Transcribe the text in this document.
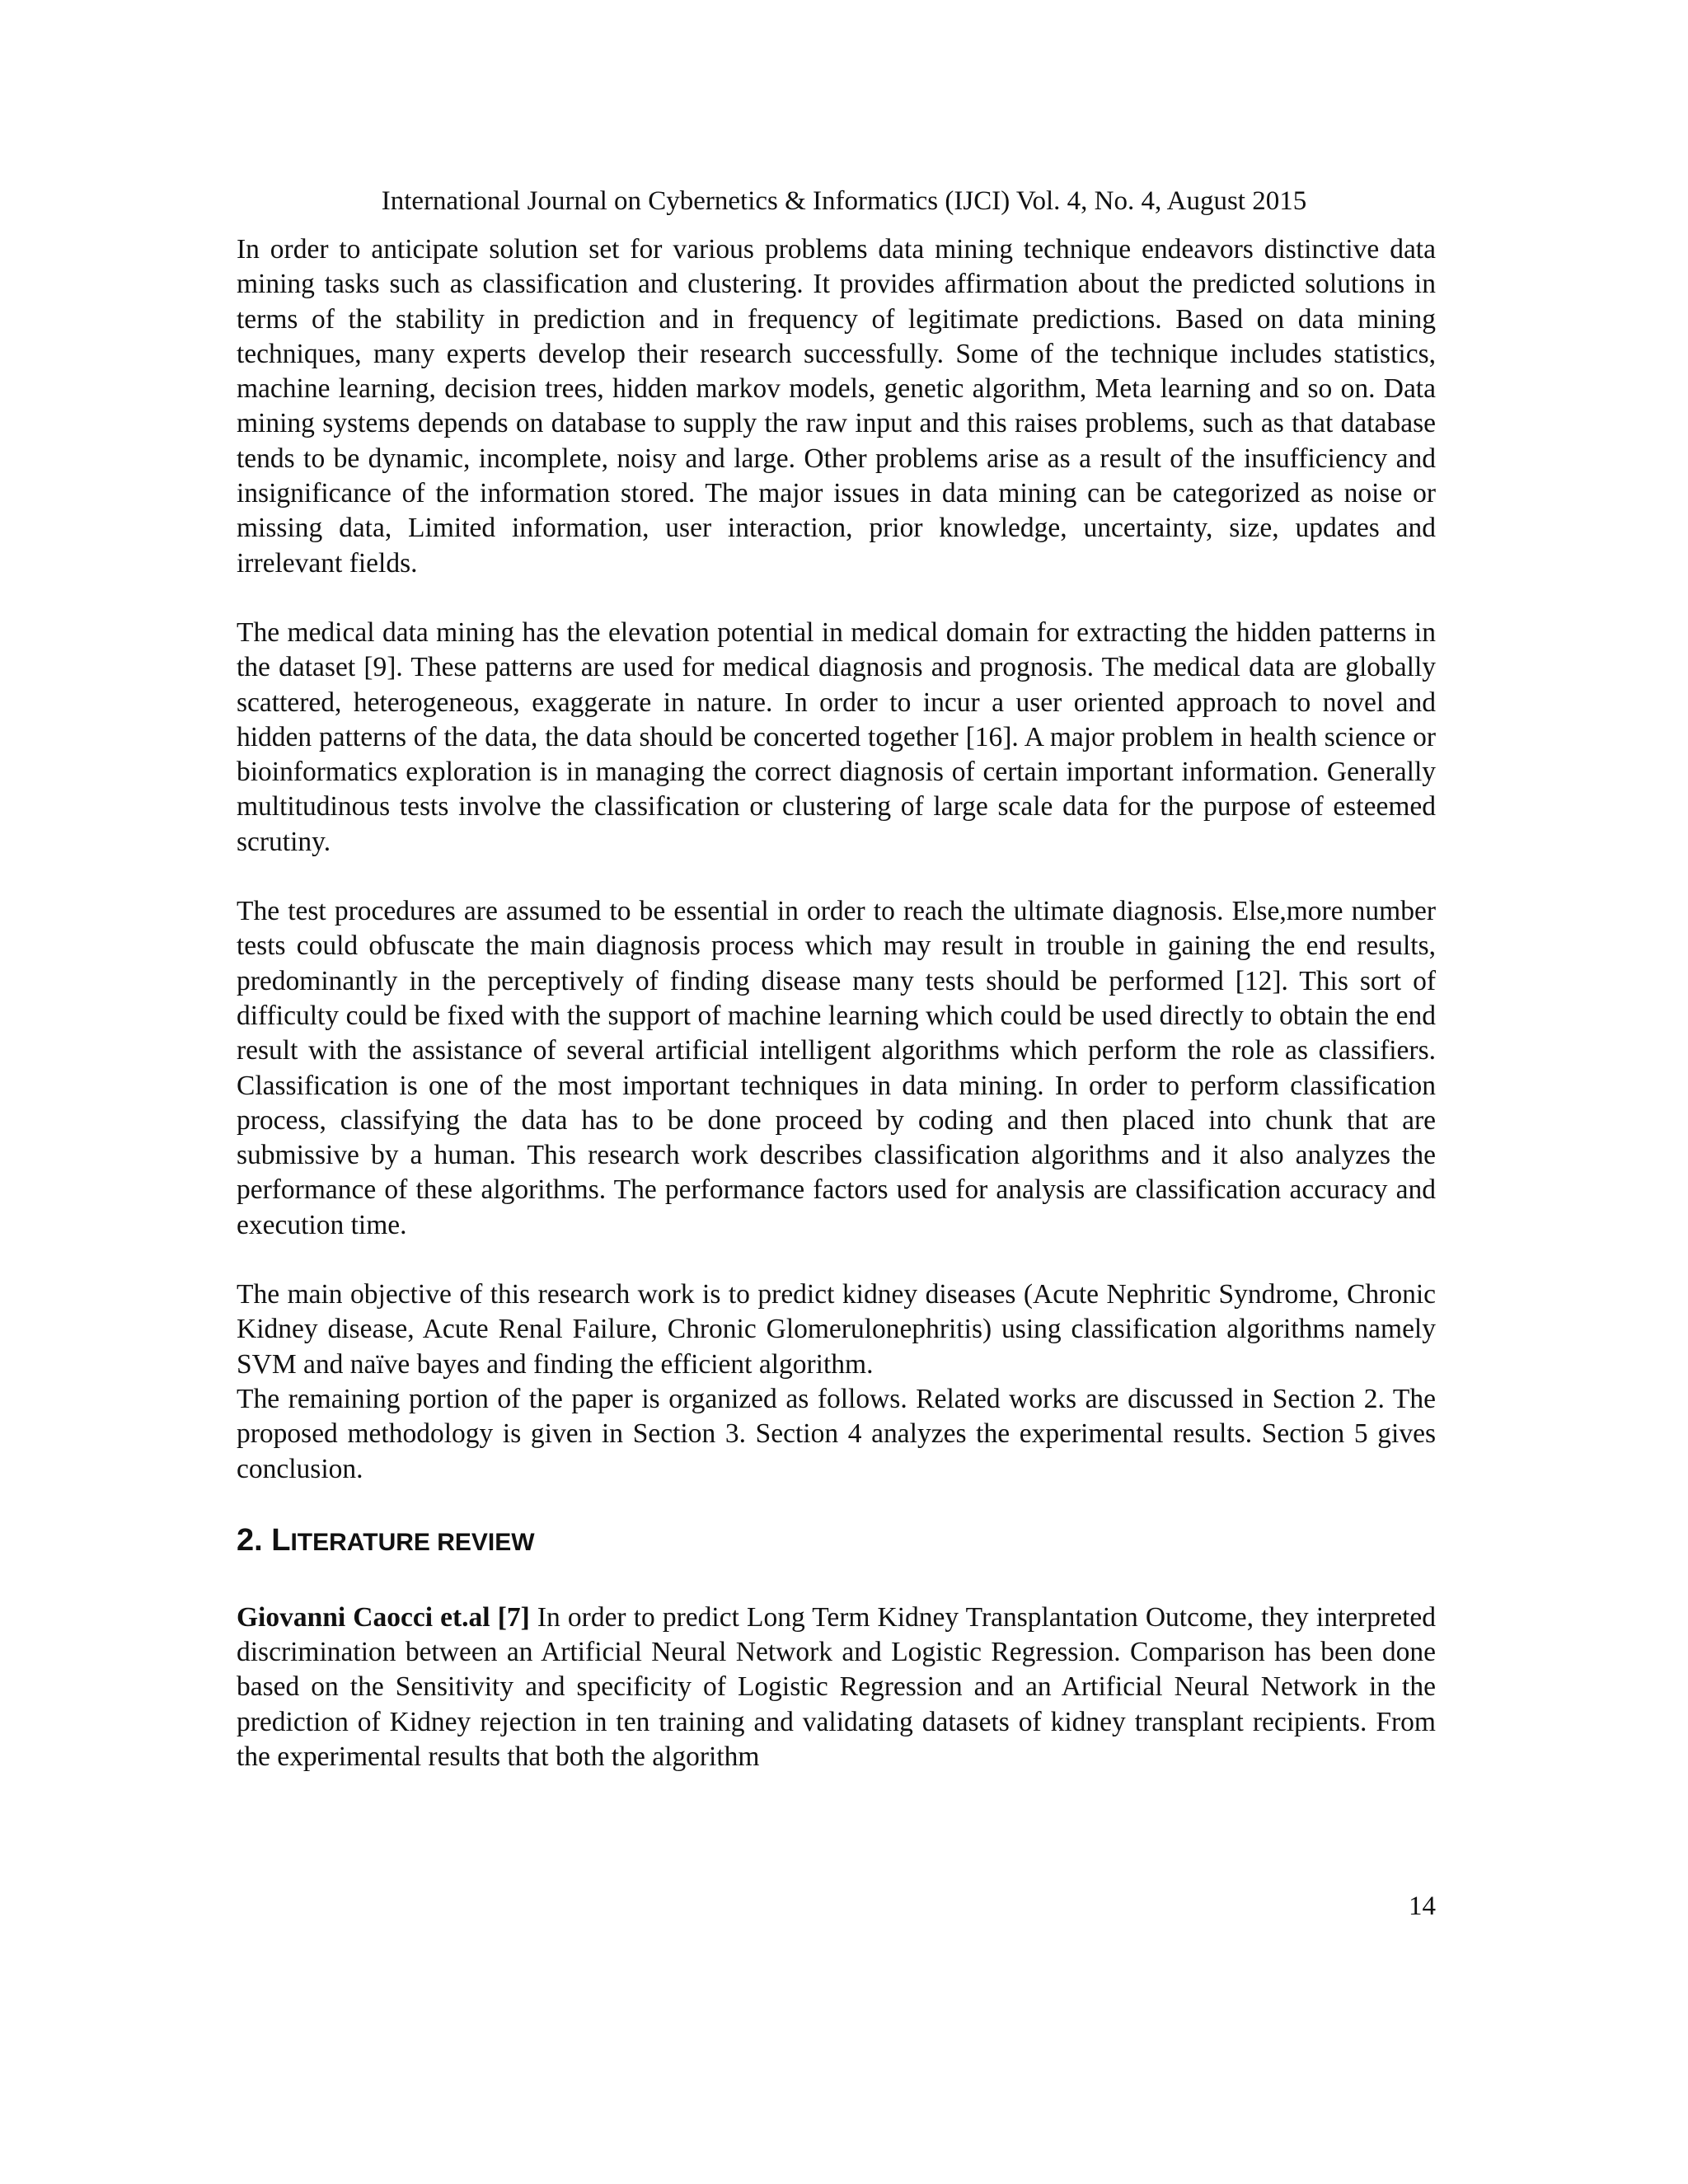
International Journal on Cybernetics & Informatics (IJCI) Vol. 4, No. 4, August 2015

In order to anticipate solution set for various problems data mining technique endeavors distinctive data mining tasks such as classification and clustering. It provides affirmation about the predicted solutions in terms of the stability in prediction and in frequency of legitimate predictions. Based on data mining techniques, many experts develop their research successfully. Some of the technique includes statistics, machine learning, decision trees, hidden markov models, genetic algorithm, Meta learning and so on. Data mining systems depends on database to supply the raw input and this raises problems, such as that database tends to be dynamic, incomplete, noisy and large. Other problems arise as a result of the insufficiency and insignificance of the information stored. The major issues in data mining can be categorized as noise or missing data, Limited information, user interaction, prior knowledge, uncertainty, size, updates and irrelevant fields.

The medical data mining has the elevation potential in medical domain for extracting the hidden patterns in the dataset [9]. These patterns are used for medical diagnosis and prognosis. The medical data are globally scattered, heterogeneous, exaggerate in nature. In order to incur a user oriented approach to novel and hidden patterns of the data, the data should be concerted together [16]. A major problem in health science or bioinformatics exploration is in managing the correct diagnosis of certain important information. Generally multitudinous tests involve the classification or clustering of large scale data for the purpose of esteemed scrutiny.

The test procedures are assumed to be essential in order to reach the ultimate diagnosis. Else,more number tests could obfuscate the main diagnosis process which may result in trouble in gaining the end results, predominantly in the perceptively of finding disease many tests should be performed [12]. This sort of difficulty could be fixed with the support of machine learning which could be used directly to obtain the end result with the assistance of several artificial intelligent algorithms which perform the role as classifiers. Classification is one of the most important techniques in data mining. In order to perform classification process, classifying the data has to be done proceed by coding and then placed into chunk that are submissive by a human. This research work describes classification algorithms and it also analyzes the performance of these algorithms. The performance factors used for analysis are classification accuracy and execution time.

The main objective of this research work is to predict kidney diseases (Acute Nephritic Syndrome, Chronic Kidney disease, Acute Renal Failure, Chronic Glomerulonephritis) using classification algorithms namely SVM and naïve bayes and finding the efficient algorithm.

The remaining portion of the paper is organized as follows. Related works are discussed in Section 2. The proposed methodology is given in Section 3. Section 4 analyzes the experimental results. Section 5 gives conclusion.

2. LITERATURE REVIEW

Giovanni Caocci et.al [7] In order to predict Long Term Kidney Transplantation Outcome, they interpreted discrimination between an Artificial Neural Network and Logistic Regression. Comparison has been done based on the Sensitivity and specificity of Logistic Regression and an Artificial Neural Network in the prediction of Kidney rejection in ten training and validating datasets of kidney transplant recipients. From the experimental results that both the algorithm

14
